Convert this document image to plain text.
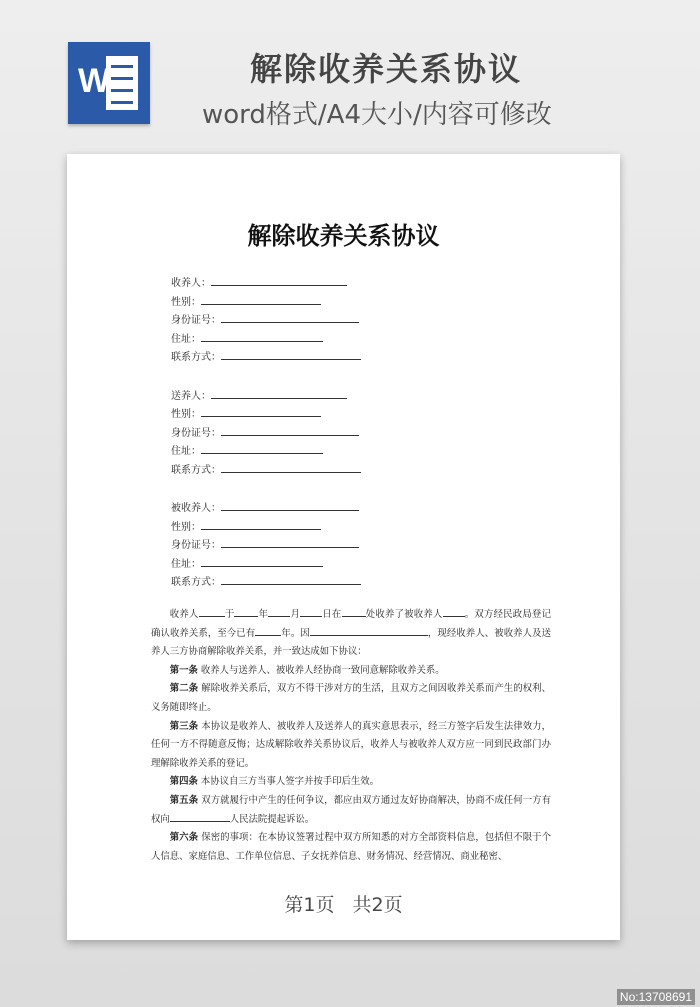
W	解除收养关系协议
word格式/A4大小/内容可修改
解除收养关系协议
收养人：
性别：
身份证号：
住址：
联系方式：
送养人：
性别：
身份证号：
住址：
联系方式：
被收养人：
性别：
身份证号：
住址：
联系方式：

收养人	于	年 月 日在	处收养了被收养人 。双方经民政局登记确认收养关系，至今已有	年。因	，现经收养人、被收养人及送养人三方协商解除收养关系，并一致达成如下协议：

第一条 收养人与送养人、被收养人经协商一致同意解除收养关系。

第二条 解除收养关系后，双方不得干涉对方的生活，且双方之间因收养关系而产生的权利、义务随即终止。

第三条 本协议是收养人、被收养人及送养人的真实意思表示，经三方签字后发生法律效力，任何一方不得随意反悔；达成解除收养关系协议后，收养人与被收养人双方应一同到民政部门办理解除收养关系的登记。

第四条 本协议自三方当事人签字并按手印后生效。

第五条 双方就履行中产生的任何争议，都应由双方通过友好协商解决，协商不成任何一方有权向	人民法院提起诉讼。

第六条 保密的事项：在本协议签署过程中双方所知悉的对方全部资料信息，包括但不限于个人信息、家庭信息、工作单位信息、子女抚养信息、财务情况、经营情况、商业秘密、

第1页 共2页
No:13708691
